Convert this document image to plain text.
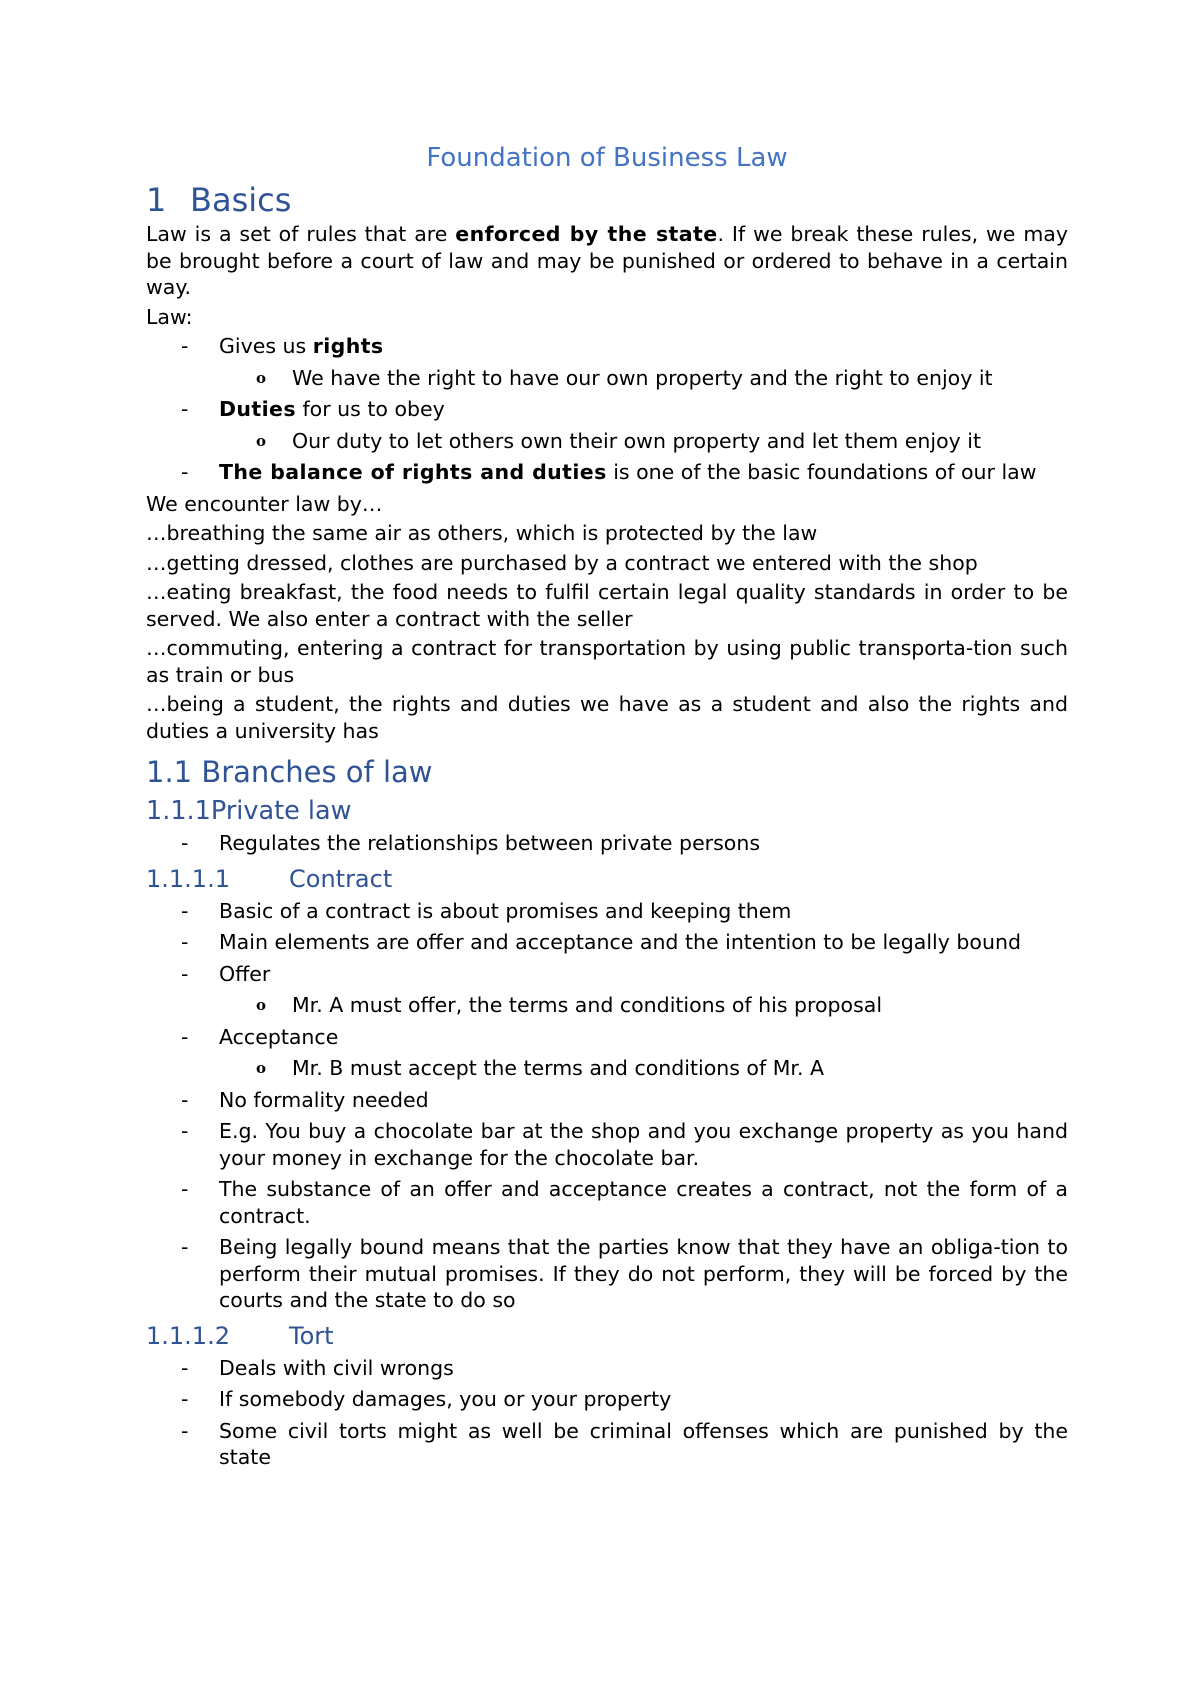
Foundation of Business Law
1 Basics

Law is a set of rules that are enforced by the state. If we break these rules, we may be brought before a court of law and may be punished or ordered to behave in a certain way.

Law:

-	Gives us rights
o	We have the right to have our own property and the right to enjoy it
-	Duties for us to obey
o	Our duty to let others own their own property and let them enjoy it
-	The balance of rights and duties is one of the basic foundations of our law

We encounter law by…

…breathing the same air as others, which is protected by the law

…getting dressed, clothes are purchased by a contract we entered with the shop

…eating breakfast, the food needs to fulfil certain legal quality standards in order to be served. We also enter a contract with the seller

…commuting, entering a contract for transportation by using public transporta-tion such as train or bus

…being a student, the rights and duties we have as a student and also the rights and duties a university has

1.1 Branches of law
1.1.1 Private law
-	Regulates the relationships between private persons
1.1.1.1	Contract
-	Basic of a contract is about promises and keeping them
-	Main elements are offer and acceptance and the intention to be legally bound
-	Offer
o	Mr. A must offer, the terms and conditions of his proposal
-	Acceptance
o	Mr. B must accept the terms and conditions of Mr. A
-	No formality needed
-	E.g. You buy a chocolate bar at the shop and you exchange property as you hand your money in exchange for the chocolate bar.
-	The substance of an offer and acceptance creates a contract, not the form of a contract.
-	Being legally bound means that the parties know that they have an obliga-tion to perform their mutual promises. If they do not perform, they will be forced by the courts and the state to do so
1.1.1.2	Tort
-	Deals with civil wrongs
-	If somebody damages, you or your property
-	Some civil torts might as well be criminal offenses which are punished by the state
